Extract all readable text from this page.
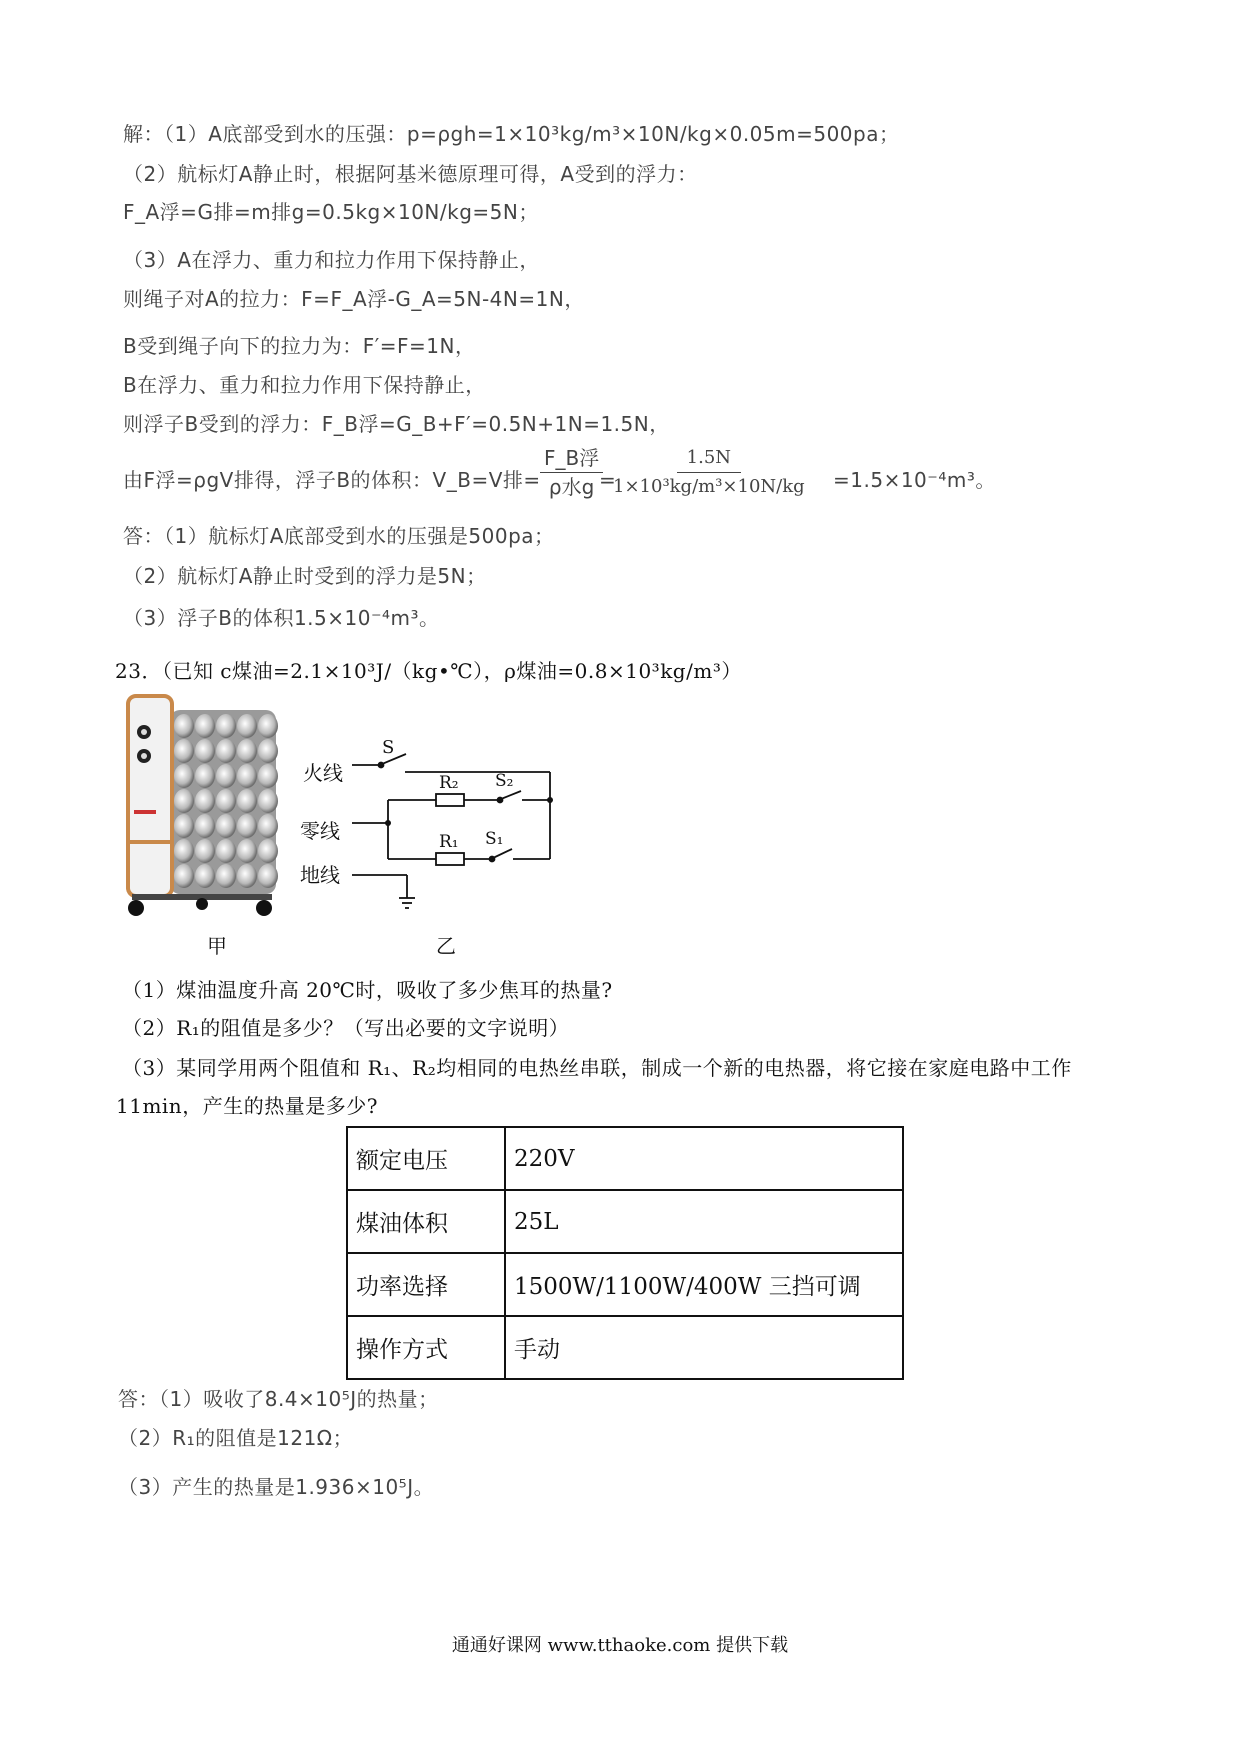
解：（1）A底部受到水的压强：p=ρgh=1×10³kg/m³×10N/kg×0.05m=500pa；
（2）航标灯A静止时，根据阿基米德原理可得，A受到的浮力：
F_A浮=G排=m排g=0.5kg×10N/kg=5N；
（3）A在浮力、重力和拉力作用下保持静止，
则绳子对A的拉力：F=F_A浮-G_A=5N-4N=1N，
B受到绳子向下的拉力为：F′=F=1N，
B在浮力、重力和拉力作用下保持静止，
则浮子B受到的浮力：F_B浮=G_B+F′=0.5N+1N=1.5N，
由F浮=ρgV排得，浮子B的体积：V_B=V排=
F_B浮
ρ水g =
$\frac{1.5N}{\text{1×10³kg/m³×10N/kg}} =1.5\times 10^{-4}m^3$。
答：（1）航标灯A底部受到水的压强是500pa；
（2）航标灯A静止时受到的浮力是5N；
（3）浮子B的体积1.5×10⁻⁴m³。
23．（已知 c煤油=2.1×10³J/（kg•℃），ρ煤油=0.8×10³kg/m³）
火线
零线
地线
S
R₂ S₂
R₁ S₁
甲	乙
（1）煤油温度升高 20℃时，吸收了多少焦耳的热量?
（2）R₁的阻值是多少？（写出必要的文字说明）
（3）某同学用两个阻值和 R₁、R₂均相同的电热丝串联，制成一个新的电热器，将它接在家庭电路中工作
11min，产生的热量是多少?
额定电压	220V
煤油体积	25L
功率选择	1500W/1100W/400W 三挡可调
操作方式	手动
答：（1）吸收了8.4×10⁵J的热量；
（2）R₁的阻值是121Ω；
（3）产生的热量是1.936×10⁵J。
通通好课网 www.tthaoke.com 提供下载
